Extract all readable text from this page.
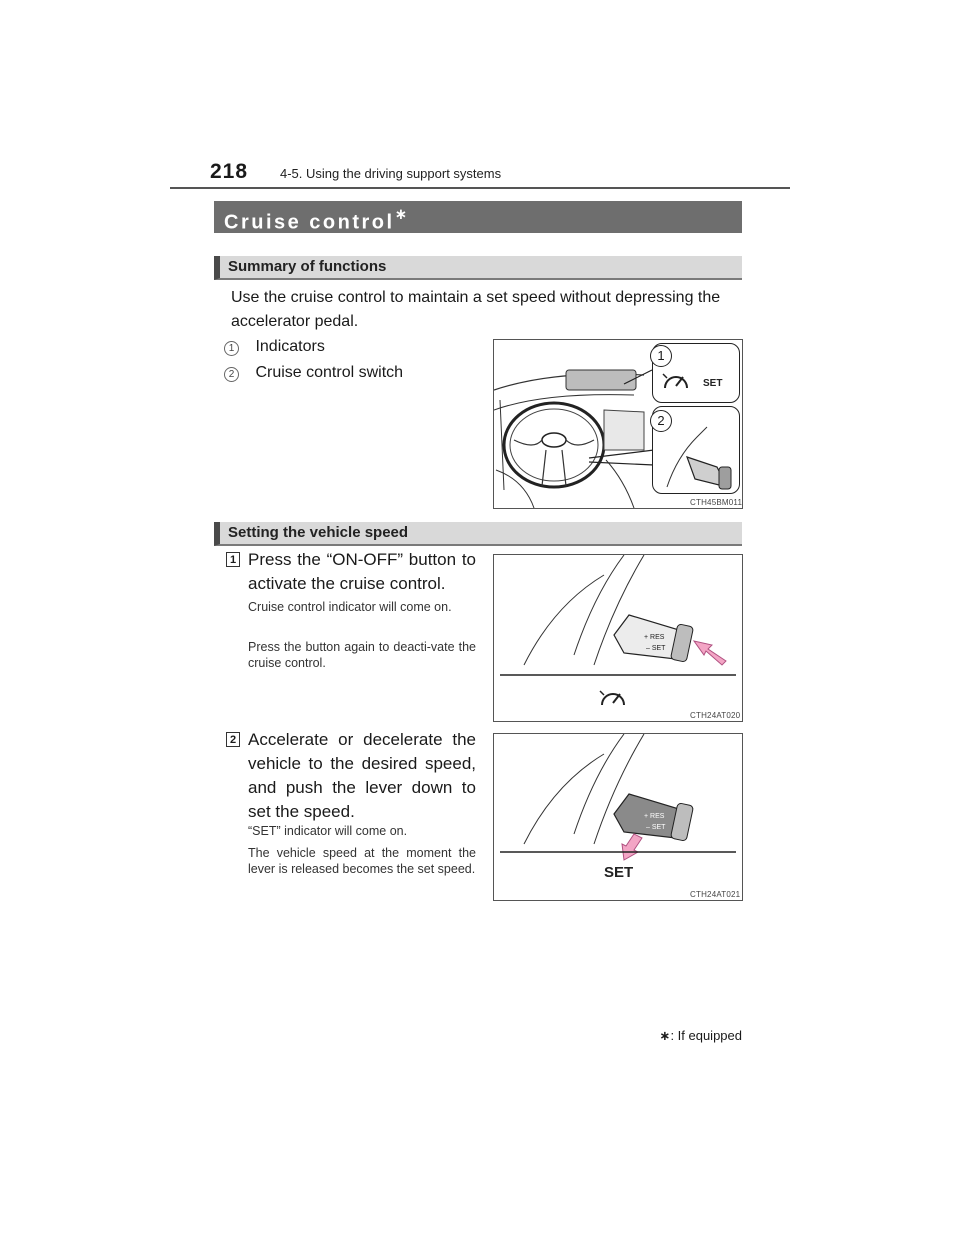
218 4-5. Using the driving support systems
Cruise control∗
Summary of functions
Use the cruise control to maintain a set speed without depressing the accelerator pedal.
1 Indicators
2 Cruise control switch
SET
1
2
CTH45BM011
Setting the vehicle speed
1 Press the “ON-OFF” button to activate the cruise control.
Cruise control indicator will come on.
Press the button again to deacti-vate the cruise control.
+ RES
– SET
CTH24AT020
2 Accelerate or decelerate the vehicle to the desired speed, and push the lever down to set the speed.
“SET” indicator will come on.
The vehicle speed at the moment the lever is released becomes the set speed.
+ RES
– SET
SET
CTH24AT021
∗: If equipped
